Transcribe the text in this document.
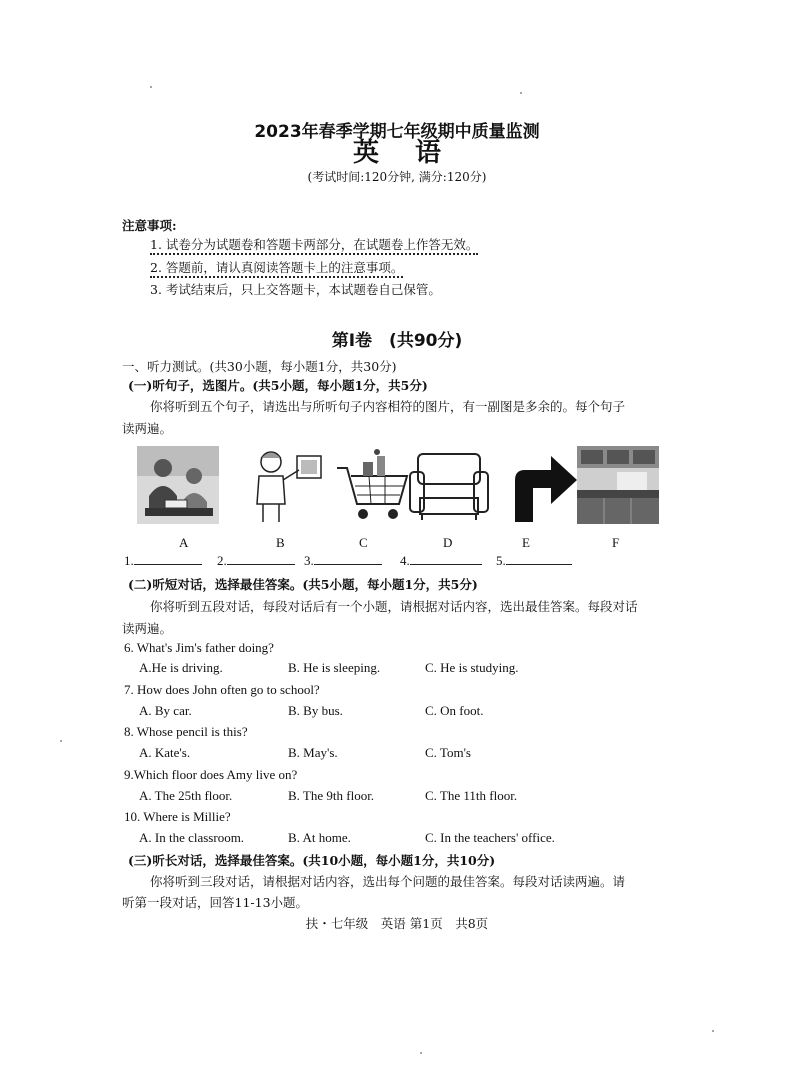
2023年春季学期七年级期中质量监测
英语
(考试时间:120分钟, 满分:120分)
注意事项:
1. 试卷分为试题卷和答题卡两部分，在试题卷上作答无效。
2. 答题前，请认真阅读答题卡上的注意事项。
3. 考试结束后，只上交答题卡，本试题卷自己保管。
第I卷　(共90分)
一、听力测试。(共30小题，每小题1分，共30分)
(一)听句子，选图片。(共5小题，每小题1分，共5分)
你将听到五个句子，请选出与所听句子内容相符的图片，有一副图是多余的。每个句子
读两遍。
A	B	C	D	E	F
1.	2.	3.	4.	5.
(二)听短对话，选择最佳答案。(共5小题，每小题1分，共5分)
你将听到五段对话，每段对话后有一个小题，请根据对话内容，选出最佳答案。每段对话
读两遍。
6. What's Jim's father doing?
A.He is driving.	B. He is sleeping.	C. He is studying.
7. How does John often go to school?
A. By car.	B. By bus.	C. On foot.
8. Whose pencil is this?
A. Kate's.	B. May's.	C. Tom's
9.Which floor does Amy live on?
A. The 25th floor.	B. The 9th floor.	C. The 11th floor.
10. Where is Millie?
A. In the classroom.	B. At home.	C. In the teachers' office.
(三)听长对话，选择最佳答案。(共10小题，每小题1分，共10分)
你将听到三段对话，请根据对话内容，选出每个问题的最佳答案。每段对话读两遍。请
听第一段对话，回答11-13小题。
扶・七年级　英语 第1页　共8页
